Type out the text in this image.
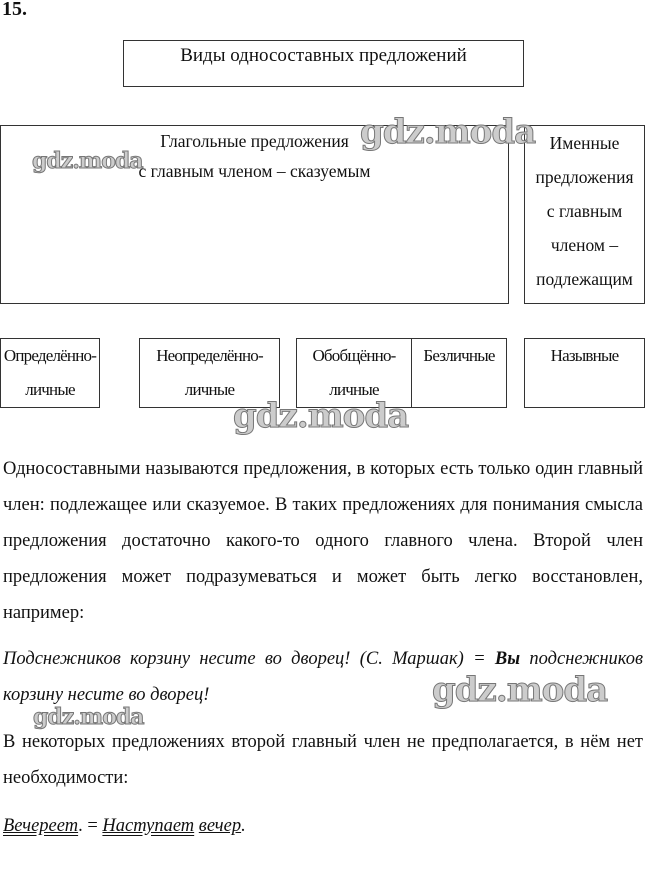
15.
Виды односоставных предложений
Глагольные предложения
с главным членом – сказуемым
Именные
предложения
с главным
членом –
подлежащим
Определённо-
личные
Неопределённо-
личные
Обобщённо-
личные
Безличные	Назывные
Односоставными называются предложения, в которых есть только один главный член: подлежащее или сказуемое. В таких предложениях для понимания смысла предложения достаточно какого-то одного главного члена. Второй член предложения может подразумеваться и может быть легко восстановлен, например:
Подснежников корзину несите во дворец! (С. Маршак) = Вы подснежников корзину несите во дворец!
В некоторых предложениях второй главный член не предполагается, в нём нет необходимости:
Вечереет. = Наступает вечер.
gdz.moda
gdz.moda
gdz.moda
gdz.moda
gdz.moda
